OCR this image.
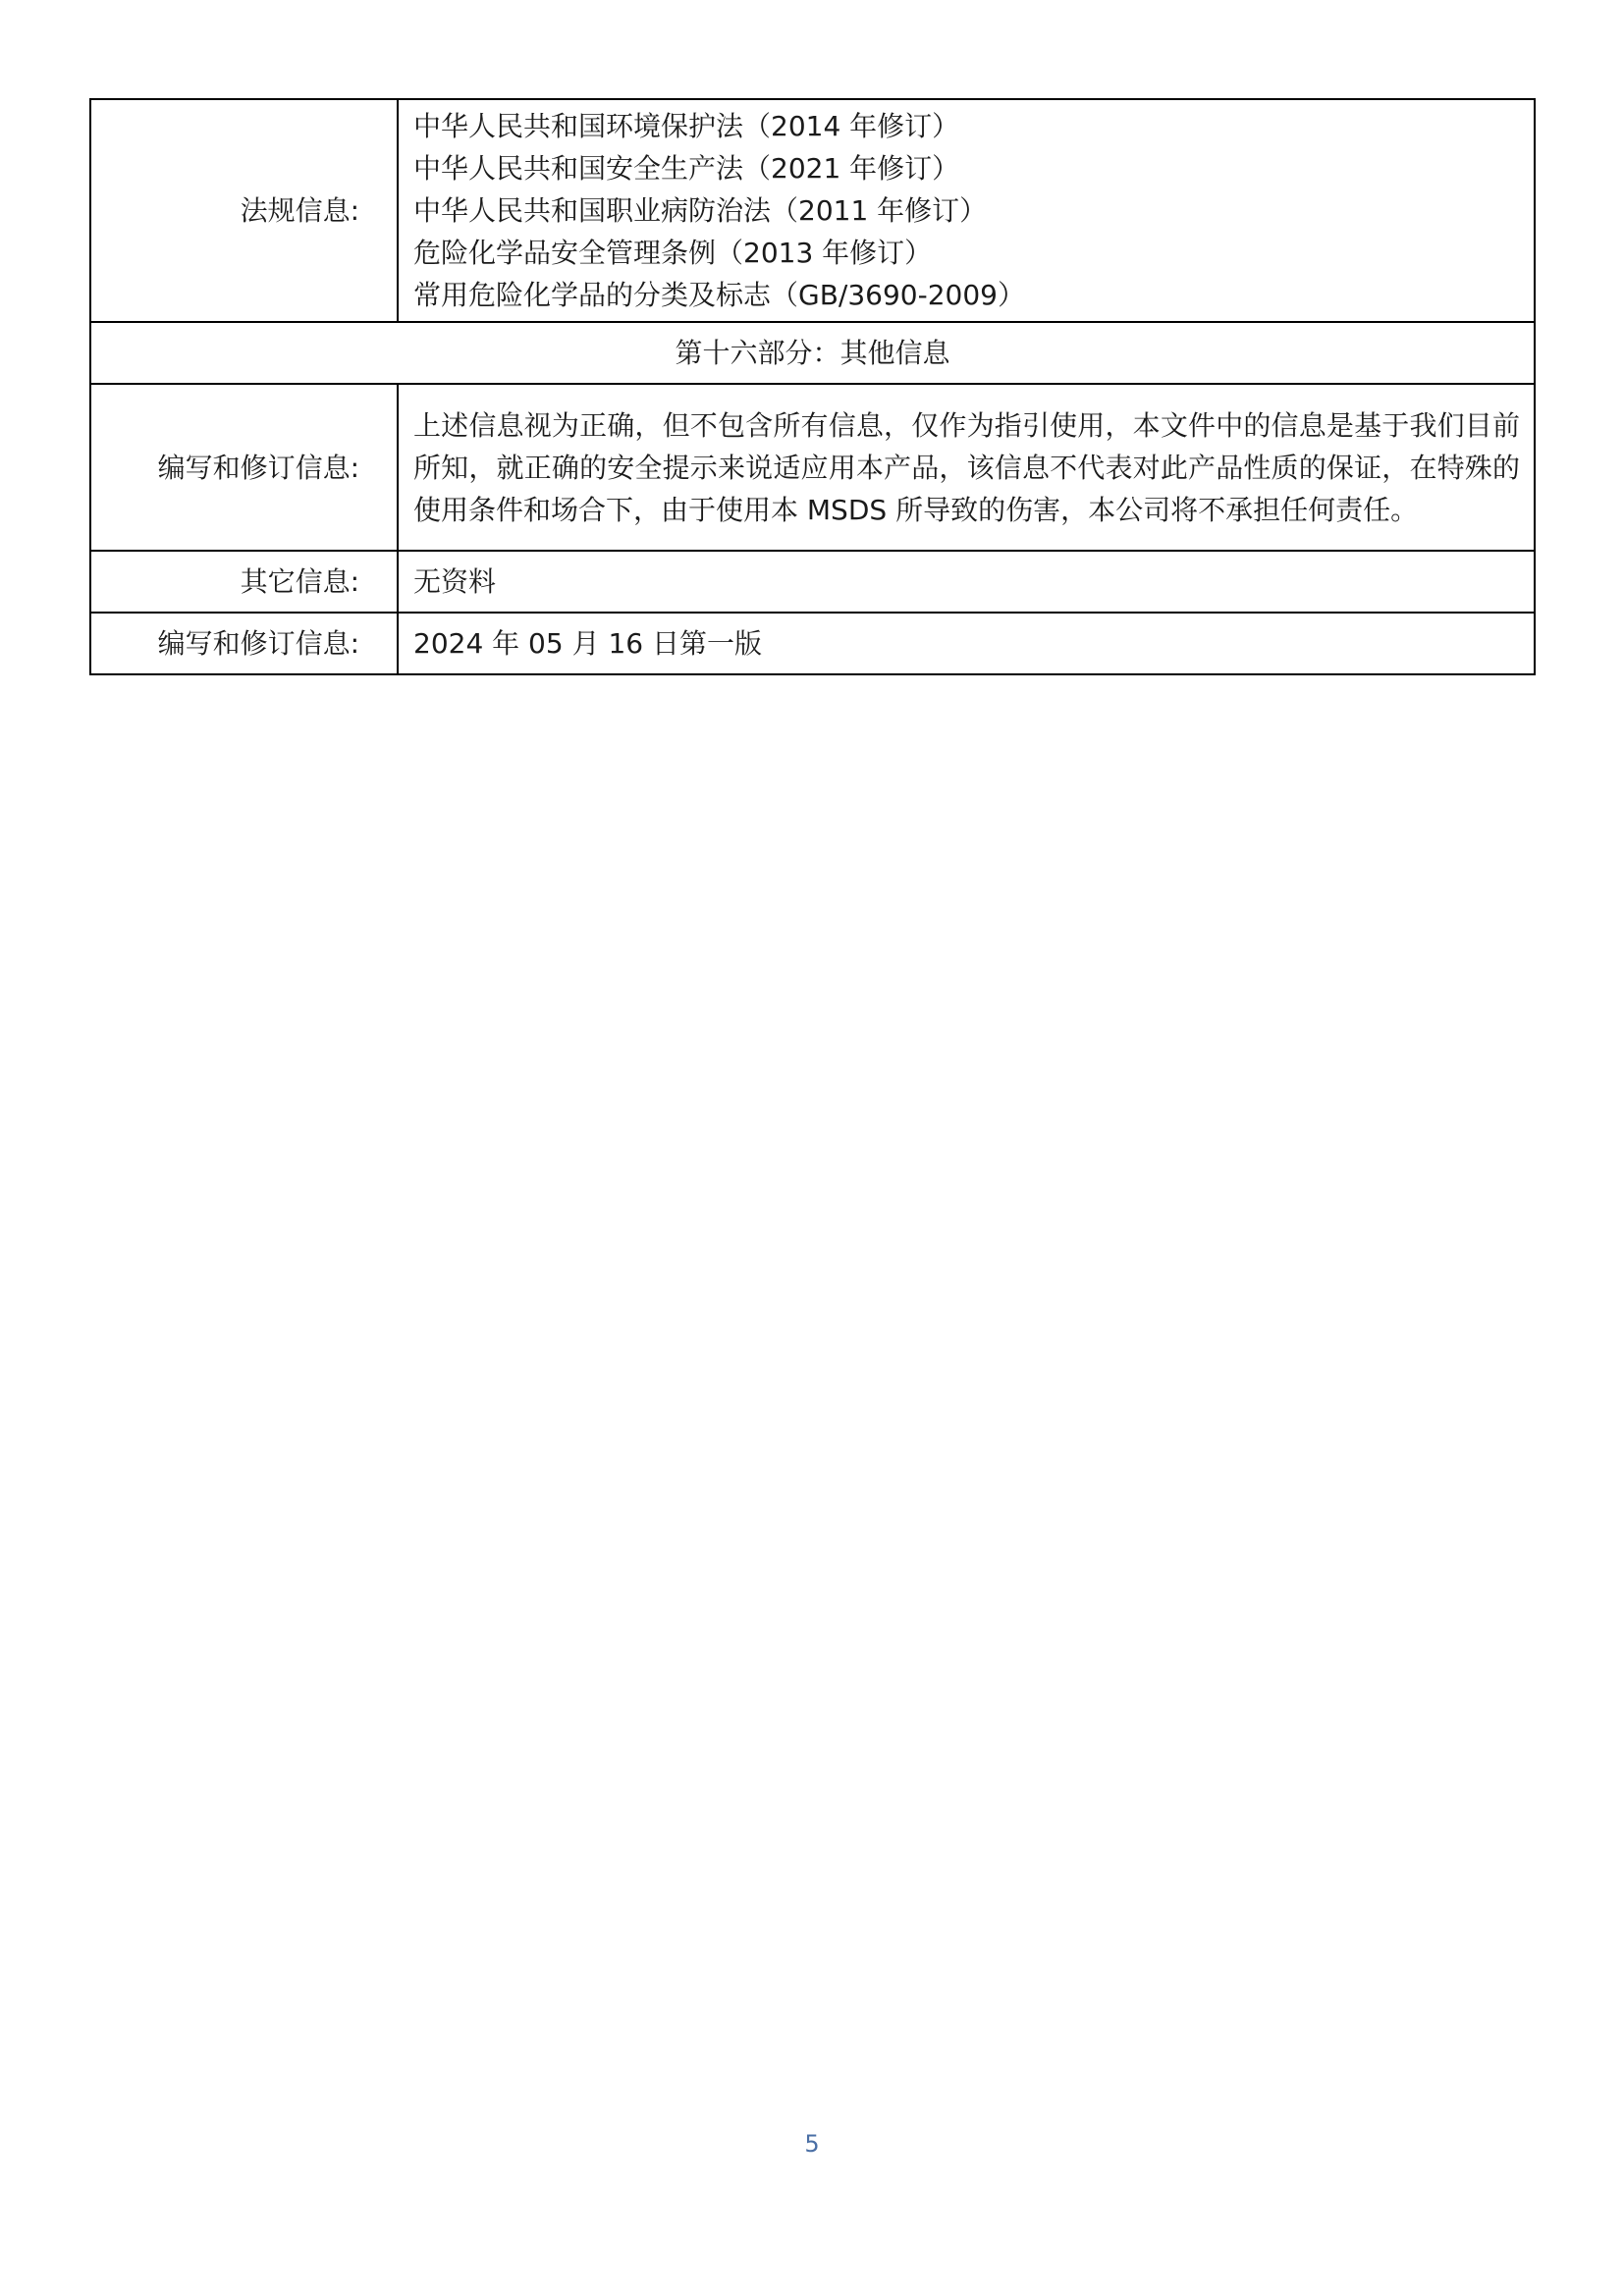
法规信息:	中华人民共和国环境保护法（2014 年修订）
中华人民共和国安全生产法（2021 年修订）
中华人民共和国职业病防治法（2011 年修订）
危险化学品安全管理条例（2013 年修订）
常用危险化学品的分类及标志（GB/3690-2009）

第十六部分：其他信息	
编写和修订信息:	上述信息视为正确，但不包含所有信息，仅作为指引使用，本文件中的信息是基于我们目前所知，就正确的安全提示来说适应用本产品，该信息不代表对此产品性质的保证，在特殊的使用条件和场合下，由于使用本 MSDS 所导致的伤害，本公司将不承担任何责任。

其它信息:	无资料
编写和修订信息:	2024 年 05 月 16 日第一版
5
